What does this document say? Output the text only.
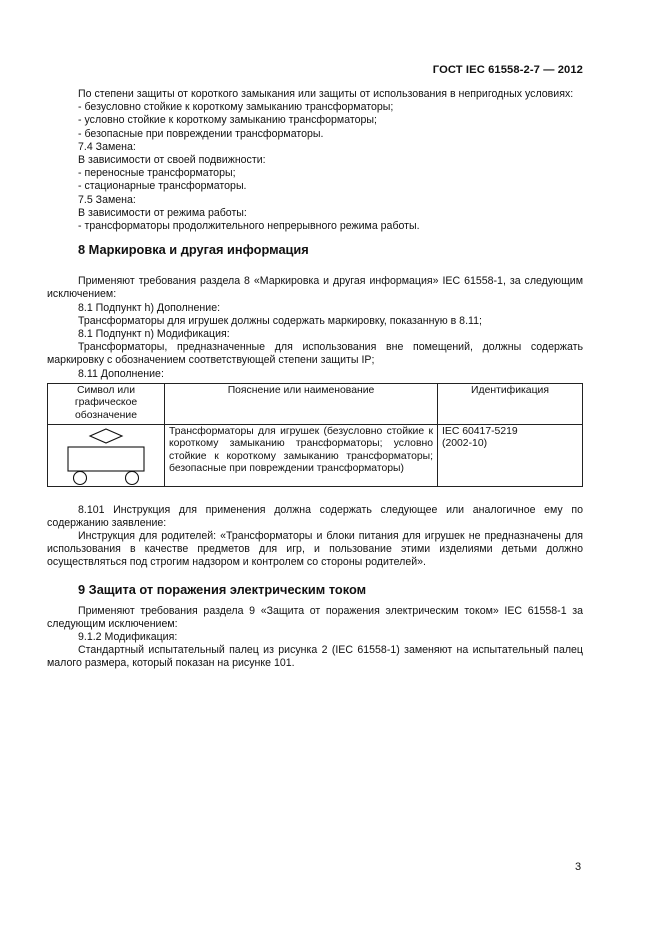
ГОСТ IEC 61558-2-7 — 2012

По степени защиты от короткого замыкания или защиты от использования в непригодных условиях:

- безусловно стойкие к короткому замыканию трансформаторы;

- условно стойкие к короткому замыканию трансформаторы;

- безопасные при повреждении трансформаторы.

7.4 Замена:

В зависимости от своей подвижности:

- переносные трансформаторы;

- стационарные трансформаторы.

7.5 Замена:

В зависимости от режима работы:

- трансформаторы продолжительного непрерывного режима работы.

8 Маркировка и другая информация

Применяют требования раздела 8 «Маркировка и другая информация» IEC 61558-1, за следующим исключением:

8.1 Подпункт h) Дополнение:

Трансформаторы для игрушек должны содержать маркировку, показанную в 8.11;

8.1 Подпункт n) Модификация:

Трансформаторы, предназначенные для использования вне помещений, должны содержать маркировку с обозначением соответствующей степени защиты IP;

8.11 Дополнение:

Символ или графическое обозначение	Пояснение или наименование	Идентификация

	Трансформаторы для игрушек (безусловно стойкие к короткому замыканию трансформаторы; условно стойкие к короткому замыканию трансформаторы; безопасные при повреждении трансформаторы)	IEC 60417-5219
(2002-10)

8.101 Инструкция для применения должна содержать следующее или аналогичное ему по содержанию заявление:

Инструкция для родителей: «Трансформаторы и блоки питания для игрушек не предназначены для использования в качестве предметов для игр, и пользование этими изделиями детьми должно осуществляться под строгим надзором и контролем со стороны родителей».

9 Защита от поражения электрическим током

Применяют требования раздела 9 «Защита от поражения электрическим током» IEC 61558-1 за следующим исключением:

9.1.2 Модификация:

Стандартный испытательный палец из рисунка 2 (IEC 61558-1) заменяют на испытательный палец малого размера, который показан на рисунке 101.

3
